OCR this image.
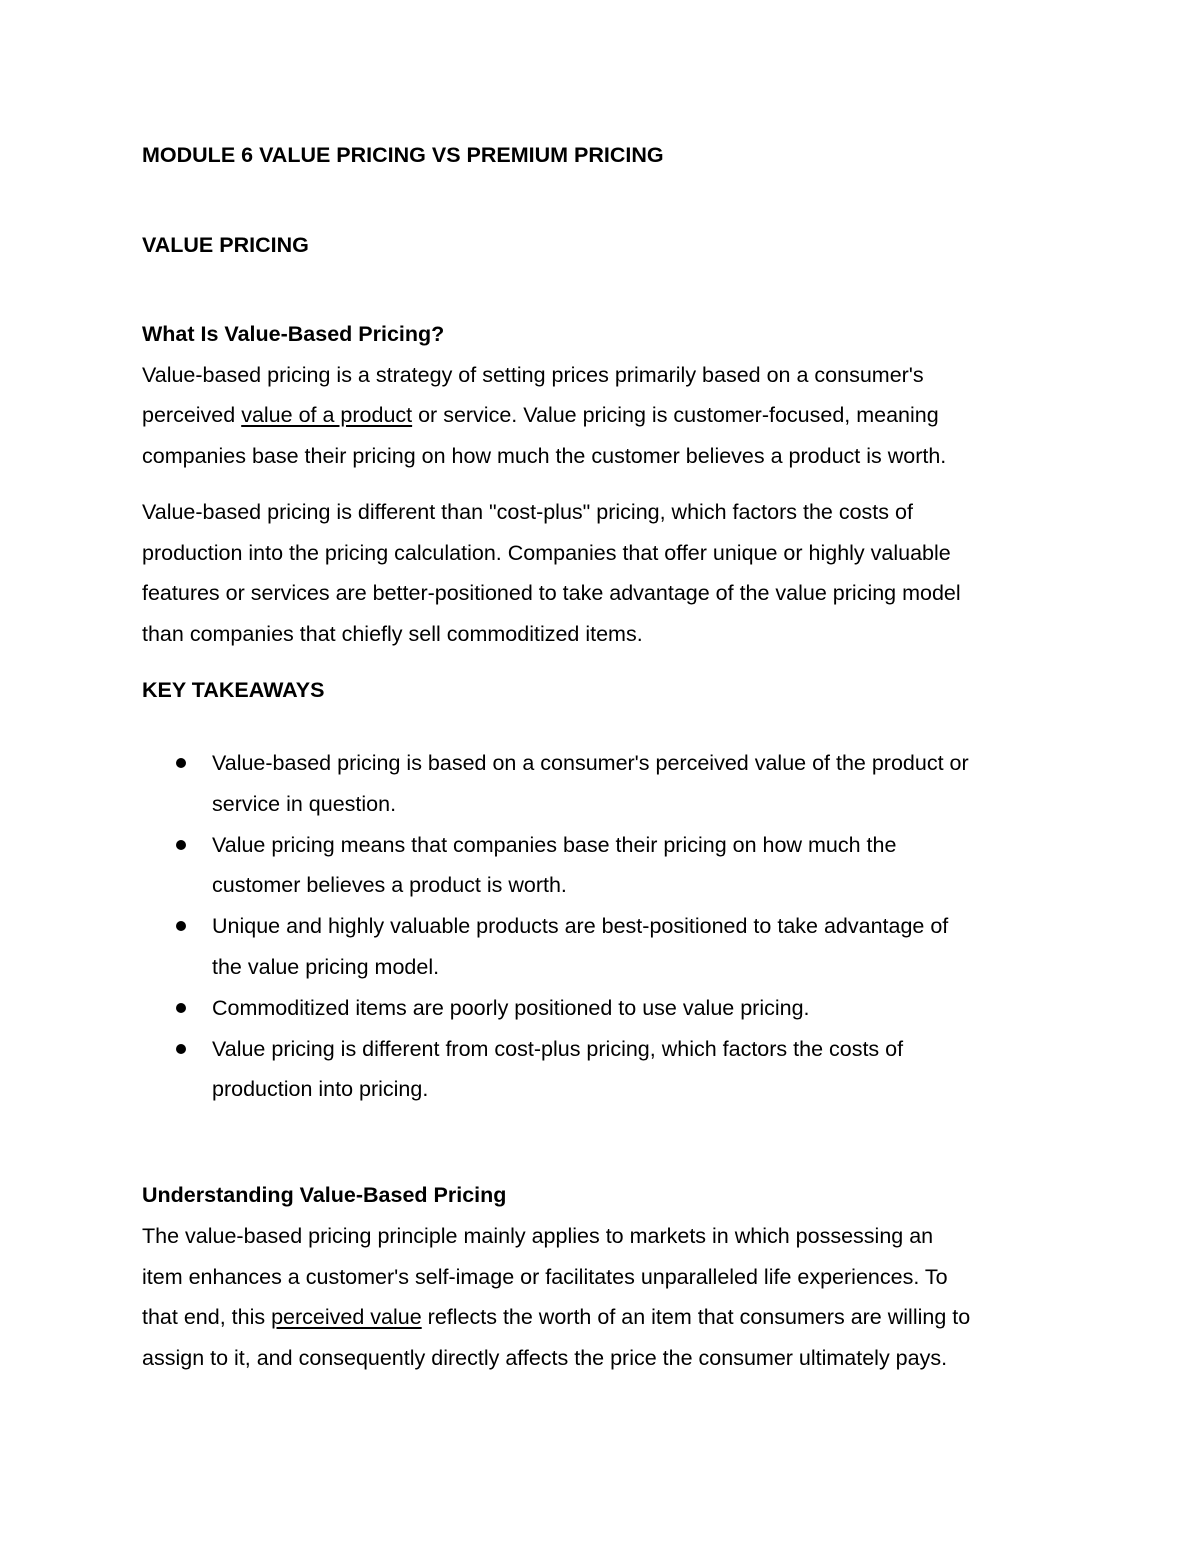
MODULE 6 VALUE PRICING VS PREMIUM PRICING
VALUE PRICING
What Is Value-Based Pricing?
Value-based pricing is a strategy of setting prices primarily based on a consumer's
perceived value of a product or service. Value pricing is customer-focused, meaning
companies base their pricing on how much the customer believes a product is worth.
Value-based pricing is different than "cost-plus" pricing, which factors the costs of
production into the pricing calculation. Companies that offer unique or highly valuable
features or services are better-positioned to take advantage of the value pricing model
than companies that chiefly sell commoditized items.
KEY TAKEAWAYS
Value-based pricing is based on a consumer's perceived value of the product or
service in question.
Value pricing means that companies base their pricing on how much the
customer believes a product is worth.
Unique and highly valuable products are best-positioned to take advantage of
the value pricing model.
Commoditized items are poorly positioned to use value pricing.
Value pricing is different from cost-plus pricing, which factors the costs of
production into pricing.
Understanding Value-Based Pricing
The value-based pricing principle mainly applies to markets in which possessing an
item enhances a customer's self-image or facilitates unparalleled life experiences. To
that end, this perceived value reflects the worth of an item that consumers are willing to
assign to it, and consequently directly affects the price the consumer ultimately pays.
